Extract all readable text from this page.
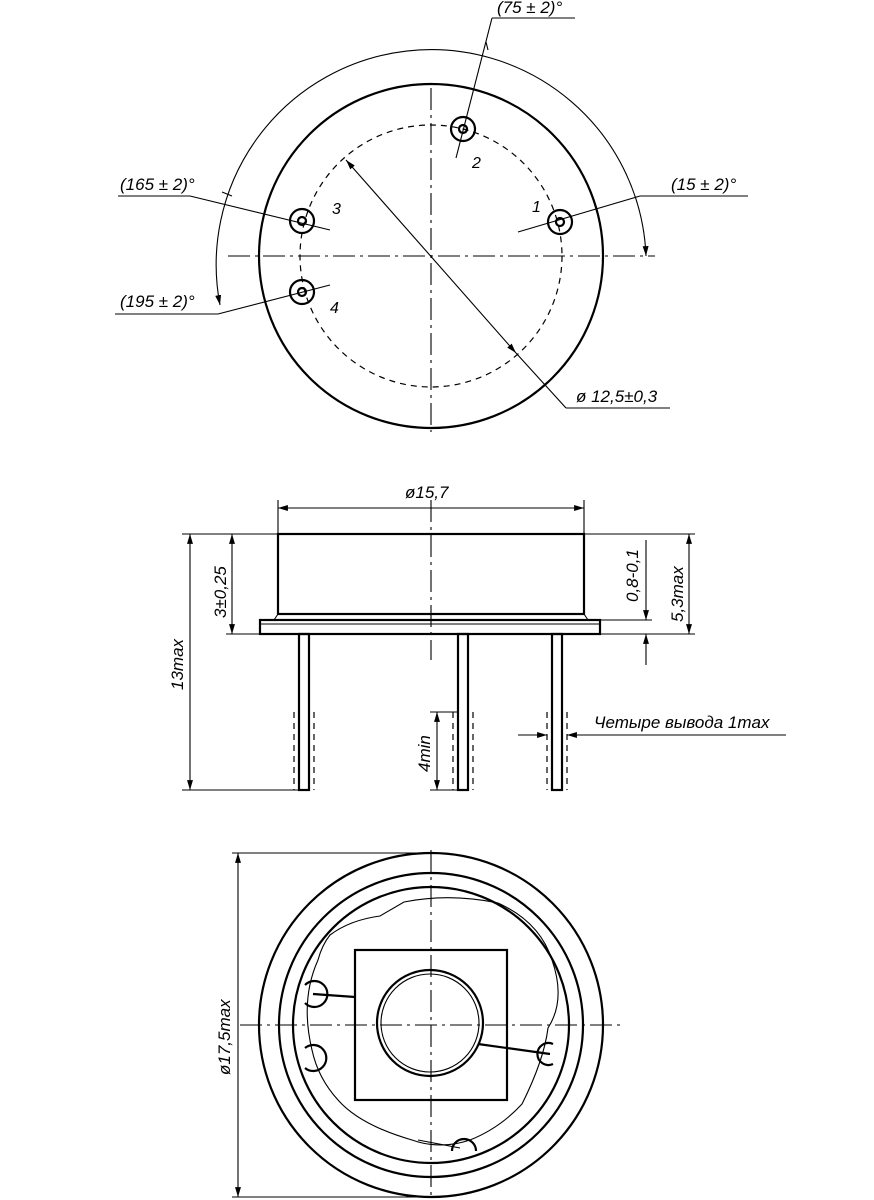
(75 ± 2)°
(165 ± 2)°	(15 ± 2)°
(195 ± 2)°
ø 12,5±0,3
1
2
3
4
ø15,7
13max
3±0,25	0,8-0,1 5,3max
4min
Четыре вывода 1max
ø17,5max
